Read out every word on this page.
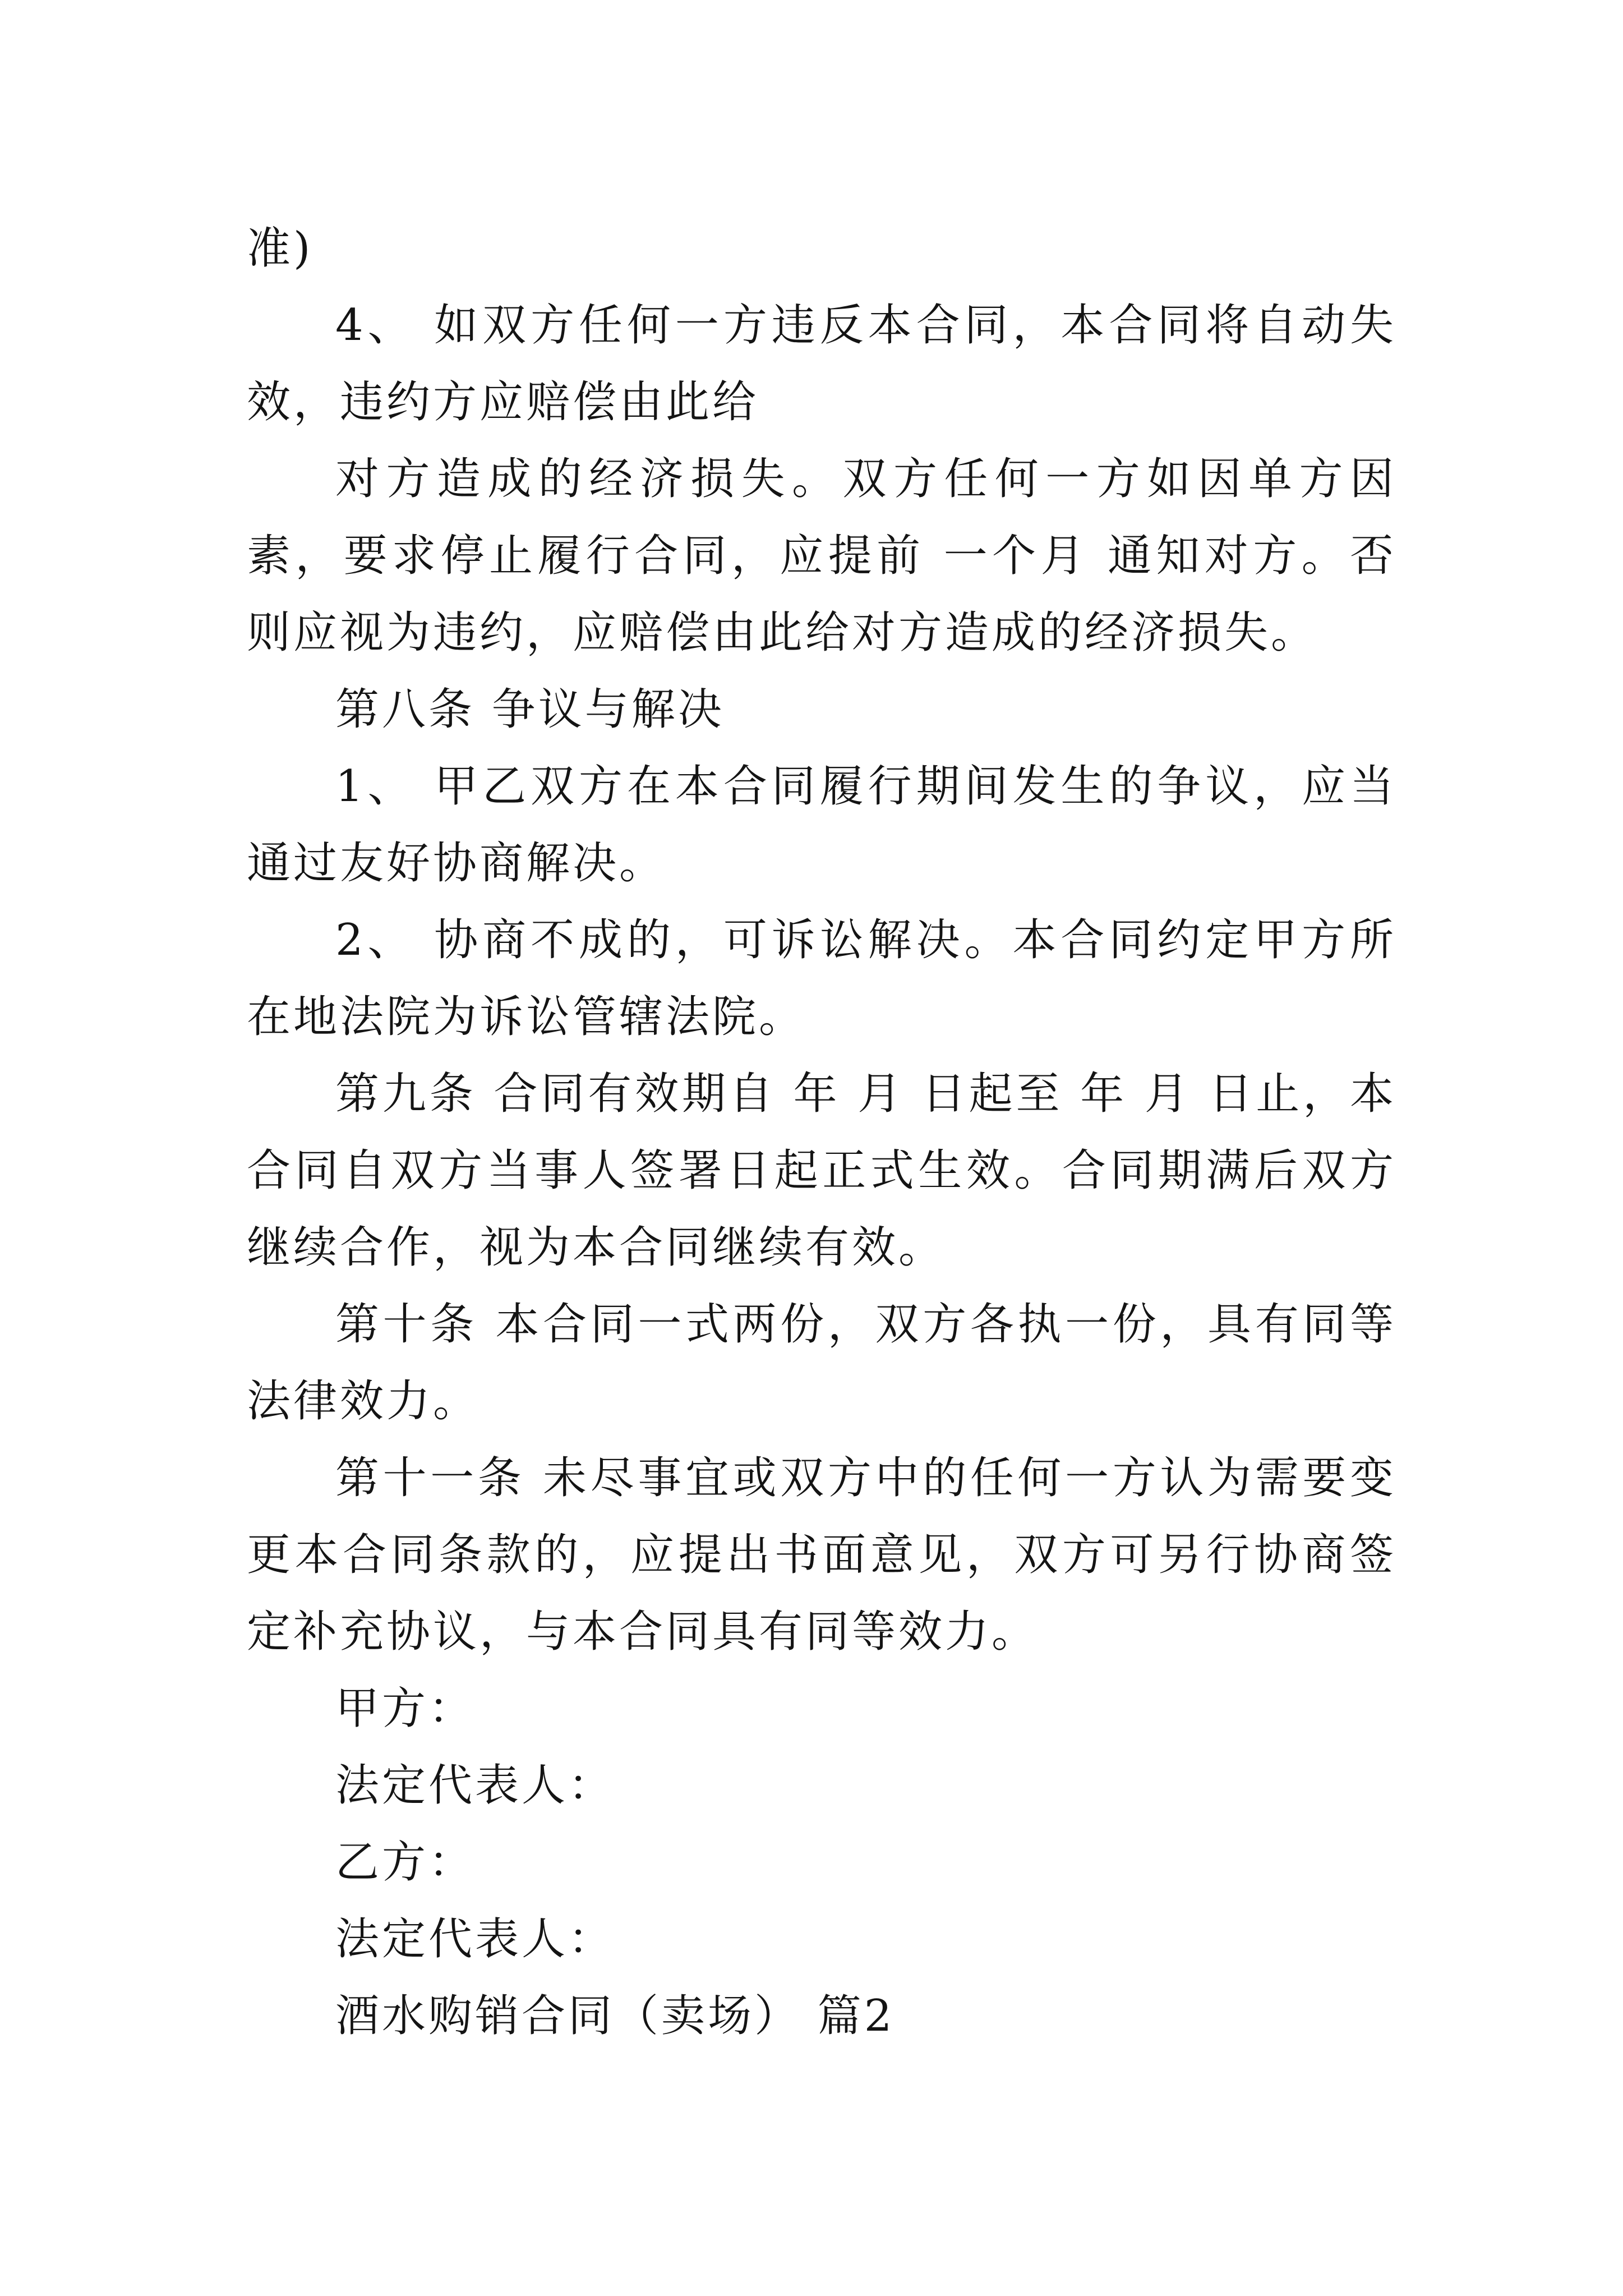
准)

4、 如双方任何一方违反本合同，本合同将自动失效，违约方应赔偿由此给

对方造成的经济损失。双方任何一方如因单方因素，要求停止履行合同，应提前 一个月 通知对方。否则应视为违约，应赔偿由此给对方造成的经济损失。

第八条 争议与解决

1、 甲乙双方在本合同履行期间发生的争议，应当通过友好协商解决。

2、 协商不成的，可诉讼解决。本合同约定甲方所在地法院为诉讼管辖法院。

第九条 合同有效期自 年 月 日起至 年 月 日止，本合同自双方当事人签署日起正式生效。合同期满后双方继续合作，视为本合同继续有效。

第十条 本合同一式两份，双方各执一份，具有同等法律效力。

第十一条 未尽事宜或双方中的任何一方认为需要变更本合同条款的，应提出书面意见，双方可另行协商签定补充协议，与本合同具有同等效力。

甲方：

法定代表人：

乙方：

法定代表人：

酒水购销合同（卖场） 篇2
